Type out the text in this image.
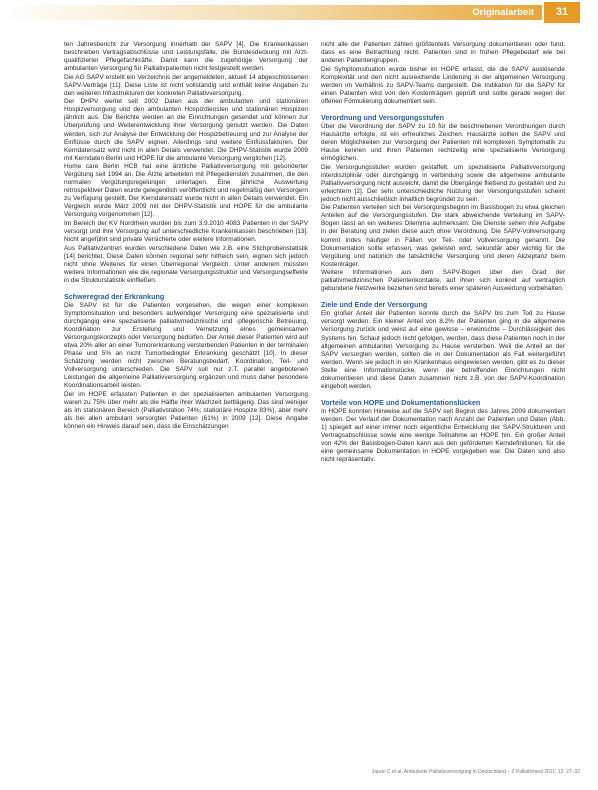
Originalarbeit	31

ten Jahresbericht zur Versorgung innerhalb der SAPV [4]. Die Krankenkassen beschrieben Vertragsabschlüsse und Leistungsfälle, die Bundesdeckung mit Arzt-qualifizierter Pflegefachkräfte. Damit kann die zugehörige Versorgung der ambulanten Versorgung für Palliativpatienten nicht festgestellt werden.

Die AG SAPV erstellt ein Verzeichnis der angemeldeten, aktuell 14 abgeschlossenen SAPV-Verträge [11]. Diese Liste ist nicht vollständig und enthält keine Angaben zu den weiteren Infrastrukturen der konkreten Palliativversorgung.

Der DHPV wertet seit 2002 Daten aus der ambulanten und stationären Hospizversorgung und den ambulanten Hospizdiensten und stationären Hospizen jährlich aus. Die Berichte werden an die Einrichtungen gesendet und können zur Überprüfung und Weiterentwicklung ihrer Versorgung genutzt werden. Die Daten werden, sich zur Analyse der Entwicklung der Hospizbetreuung und zur Analyse der Einflüsse durch die SAPV eignen. Allerdings sind weitere Einflussfaktoren. Der Kerndatensatz wird nicht in allen Details verwendet. Die DHPV-Statistik wurde 2009 mit Kerndaten Berlin und HOPE für die ambulante Versorgung verglichen [12].

Home care Berlin HCB hat eine ärztliche Palliativversorgung mit gesonderter Vergütung seit 1994 an. Die Ärzte arbeiteten mit Pflegediensten zusammen, die den normalen Vergütungsregelungen unterlagen. Eine jährliche Auswertung retrospektiver Daten wurde gelegentlich veröffentlicht und regelmäßig den Versorgern zu Verfügung gestellt. Der Kerndatensatz wurde nicht in allen Details verwendet. Ein Vergleich wurde März 2009 mit der DHPV-Statistik und HOPE für die ambulante Versorgung vorgenommen [12].

Im Bereich der KV Nordrhein wurden bis zum 3.9.2010 4083 Patienten in der SAPV versorgt und ihre Versorgung auf unterschiedliche Krankenkassen beschrieben [13]. Nicht angeführt sind private Versicherte oder weitere Informationen.

Aus Palliativzentren wurden verschiedene Daten wie z.B. eine Stichprobenstatistik [14] berichtet. Diese Daten können regional sehr hilfreich sein, eignen sich jedoch nicht ohne Weiteres für einen Überregional Vergleich. Unter anderem müssten weitere Informationen wie die regionale Versorgungsstruktur und Versorgungseffekte in die Strukturstatistik einfließen.

Schweregrad der Erkrankung

Die SAPV ist für die Patienten vorgesehen, die wegen einer komplexen Symptomsituation und besonders aufwendiger Versorgung eine spezialisierte und durchgängig eine spezialisierte palliativmedizinische und -pflegerische Betreuung, Koordination zur Erstellung und Vernetzung eines gemeinsamen Versorgungskonzepts oder Versorgung bedürfen. Der Anteil dieser Patienten wird auf etwa 20% aller an einer Tumorerkrankung versterbenden Patienten in der terminalen Phase und 5% an nicht Tumorbedingter Erkrankung geschätzt [10]. In dieser Schätzung werden nicht zwischen Beratungsbedarf, Koordination, Teil- und Vollversorgung unterschieden. Die SAPV soll nur z.T. parallel angebotenen Leistungen die allgemeine Palliativversorgung ergänzen und muss daher besondere Koordinationsarbeit leisten.

Der im HOPE erfassten Patienten in der spezialisierten ambulanten Versorgung waren zu 75% über mehr als die Hälfte ihrer Wachzeit bettlägerig. Das sind weniger als im stationären Bereich (Palliativstation 74%; stationäre Hospize 83%), aber mehr als bei allen ambulant versorgten Patienten (61%) in 2009 [12]. Diese Angabe können ein Hinweis darauf sein, dass die Einschätzungen

nicht alle der Patienten zählen größtenteils Versorgung dokumentieren oder fund, dass es eine Betrachtung nicht. Patienten sind in frühen Pflegebedarf wie bei anderen Patientengruppen.

Die Symptomsituation wurde bisher im HOPE erfasst, die die SAPV auslösende Komplexität und den nicht ausreichende Linderung in der allgemeinen Versorgung werden im Verhältnis zu SAPV-Teams dargestellt. Die Indikation für die SAPV für einen Patienten wird von den Kostenträgern geprüft und sollte gerade wegen der offenen Formulierung dokumentiert sein.

Verordnung und Versorgungsstufen

Über die Verordnung der SAPV zu 10 für die beschriebenen Verordnungen durch Hausärzte erfolgte, ist ein erfreuliches Zeichen. Hausärzte sollten die SAPV und deren Möglichkeiten zur Versorgung der Patienten mit komplexen Symptomatik zu Hause kennen und ihren Patienten rechtzeitig eine spezialisierte Versorgung ermöglichen.

Die Versorgungsstufen wurden gestaffelt, um spezialisierte Palliativversorgung interdisziplinär oder durchgängig in verbindung sowie die allgemeine ambulante Palliativversorgung nicht ausreicht, damit die Übergänge fließend zu gestalten und zu erleichtern [2]. Der sehr unterschiedliche Nutzung der Versorgungsstufen scheint jedoch nicht ausschließlich inhaltlich begründet zu sein.

Die Patienten verteilen sich bei Versorgungsbeginn im Basisbogen zu etwa gleichen Anteilen auf die Versorgungsstufen. Die stark abweichende Verteilung im SAPV-Bogen lässt an ein weiteres Dilemma aufmerksam: Die Dienste sehen ihre Aufgabe in der Beratung und zielen diese auch ohne Verordnung. Die SAPV-Vollversorgung kommt indes häufiger in Fällen vor Teil- oder Vollversorgung genannt. Die Dokumentation sollte erfassen, was geleistet wird, sekundär aber wichtig für die Vergütung und natürlich die tatsächliche Versorgung und deren Akzeptanz beim Kostenträger.

Weitere Informationen aus dem SAPV-Bogen über den Grad der palliativmedizinischen Patientenkontakte, auf ihren sich konkret auf vertraglich gebundene Netzwerke beziehen sind bereits einer späteren Auswertung vorbehalten.

Ziele und Ende der Versorgung

Ein großer Anteil der Patienten konnte durch die SAPV bis zum Tod zu Hause versorgt werden. Ein kleiner Anteil von 8,2% der Patienten ging in die allgemeine Versorgung zurück und weist auf eine gewisse – erwünschte – Durchlässigkeit des Systems hin. Schaut jedoch nicht gefolgen, werden, dass diese Patienten noch in der allgemeinen ambulanten Versorgung zu Hause versterben. Weil die Anteil an der SAPV versorgten werden, sollten die in der Dokumentation als Fall weitergeführt werden. Wenn sie jedoch in ein Krankenhaus eingewiesen werden, gibt es zu dieser Stelle eine Informationslücke, wenn die betreffenden Einrichtungen nicht dokumentieren und diese Daten zusammen nicht z.B. von der SAPV-Koordination eingeholt werden.

Vorteile von HOPE und Dokumentationslücken

In HOPE konnten Hinweise auf die SAPV seit Beginn des Jahres 2009 dokumentiert werden. Der Verlauf der Dokumentation nach Anzahl der Patienten und Daten (Abb. 1) spiegelt auf einer immer noch eigentliche Entwicklung der SAPV-Strukturen und Vertragsabschlüsse sowie eine wenige Teilnahme an HOPE hin. Ein großer Anteil von 42% der Basisbogen-Daten kann aus den geförderten Kerndefinitionen, für die eine gemeinsame Dokumentation in HOPE vorgegeben war. Die Daten sind also nicht repräsentativ.

Japan C et al. Ambulante Palliativversorgung in Deutschland – Z Palliativmed 2011; 12: 27–32
